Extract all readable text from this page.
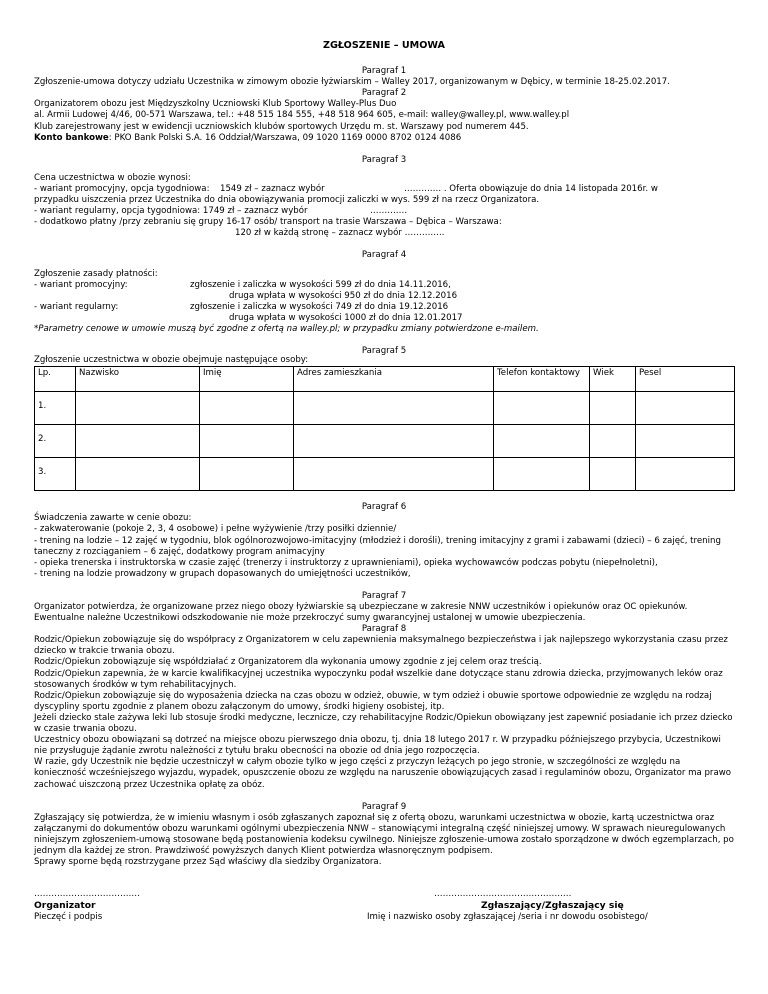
ZGŁOSZENIE – UMOWA
Paragraf 1
Zgłoszenie-umowa dotyczy udziału Uczestnika w zimowym obozie łyżwiarskim – Walley 2017, organizowanym w Dębicy, w terminie 18-25.02.2017.
Paragraf 2
Organizatorem obozu jest Międzyszkolny Uczniowski Klub Sportowy Walley-Plus Duo
al. Armii Ludowej 4/46, 00-571 Warszawa, tel.: +48 515 184 555, +48 518 964 605, e-mail: walley@walley.pl, www.walley.pl
Klub zarejestrowany jest w ewidencji uczniowskich klubów sportowych Urzędu m. st. Warszawy pod numerem 445.
Konto bankowe: PKO Bank Polski S.A. 16 Oddział/Warszawa, 09 1020 1169 0000 8702 0124 4086
Paragraf 3
Cena uczestnictwa w obozie wynosi:
- wariant promocyjny, opcja tygodniowa: 1549 zł – zaznacz wybór	…………. . Oferta obowiązuje do dnia 14 listopada 2016r. w
przypadku uiszczenia przez Uczestnika do dnia obowiązywania promocji zaliczki w wys. 599 zł na rzecz Organizatora.
- wariant regularny, opcja tygodniowa: 1749 zł – zaznacz wybór	………….
- dodatkowo płatny /przy zebraniu się grupy 16-17 osób/ transport na trasie Warszawa – Dębica – Warszawa:
120 zł w każdą stronę – zaznacz wybór …………..
Paragraf 4
Zgłoszenie zasady płatności:
- wariant promocyjny:	zgłoszenie i zaliczka w wysokości 599 zł do dnia 14.11.2016,
druga wpłata w wysokości 950 zł do dnia 12.12.2016
- wariant regularny:	zgłoszenie i zaliczka w wysokości 749 zł do dnia 19.12.2016
druga wpłata w wysokości 1000 zł do dnia 12.01.2017
*Parametry cenowe w umowie muszą być zgodne z ofertą na walley.pl; w przypadku zmiany potwierdzone e-mailem.
Paragraf 5
Zgłoszenie uczestnictwa w obozie obejmuje następujące osoby:
Lp.	Nazwisko	Imię	Adres zamieszkania	Telefon kontaktowy	Wiek	Pesel
1.						
2.						
3.						
Paragraf 6
Świadczenia zawarte w cenie obozu:
- zakwaterowanie (pokoje 2, 3, 4 osobowe) i pełne wyżywienie /trzy posiłki dziennie/
- trening na lodzie – 12 zajęć w tygodniu, blok ogólnorozwojowo-imitacyjny (młodzież i dorośli), trening imitacyjny z grami i zabawami (dzieci) – 6 zajęć, trening taneczny z rozciąganiem – 6 zajęć, dodatkowy program animacyjny
- opieka trenerska i instruktorska w czasie zajęć (trenerzy i instruktorzy z uprawnieniami), opieka wychowawców podczas pobytu (niepełnoletni),
- trening na lodzie prowadzony w grupach dopasowanych do umiejętności uczestników,
Paragraf 7
Organizator potwierdza, że organizowane przez niego obozy łyżwiarskie są ubezpieczane w zakresie NNW uczestników i opiekunów oraz OC opiekunów. Ewentualne należne Uczestnikowi odszkodowanie nie może przekroczyć sumy gwarancyjnej ustalonej w umowie ubezpieczenia.
Paragraf 8
Rodzic/Opiekun zobowiązuje się do współpracy z Organizatorem w celu zapewnienia maksymalnego bezpieczeństwa i jak najlepszego wykorzystania czasu przez dziecko w trakcie trwania obozu.
Rodzic/Opiekun zobowiązuje się współdziałać z Organizatorem dla wykonania umowy zgodnie z jej celem oraz treścią.
Rodzic/Opiekun zapewnia, że w karcie kwalifikacyjnej uczestnika wypoczynku podał wszelkie dane dotyczące stanu zdrowia dziecka, przyjmowanych leków oraz stosowanych środków w tym rehabilitacyjnych.
Rodzic/Opiekun zobowiązuje się do wyposażenia dziecka na czas obozu w odzież, obuwie, w tym odzież i obuwie sportowe odpowiednie ze względu na rodzaj dyscypliny sportu zgodnie z planem obozu załączonym do umowy, środki higieny osobistej, itp.
Jeżeli dziecko stale zażywa leki lub stosuje środki medyczne, lecznicze, czy rehabilitacyjne Rodzic/Opiekun obowiązany jest zapewnić posiadanie ich przez dziecko w czasie trwania obozu.
Uczestnicy obozu obowiązani są dotrzeć na miejsce obozu pierwszego dnia obozu, tj. dnia 18 lutego 2017 r. W przypadku późniejszego przybycia, Uczestnikowi nie przysługuje żądanie zwrotu należności z tytułu braku obecności na obozie od dnia jego rozpoczęcia.
W razie, gdy Uczestnik nie będzie uczestniczył w całym obozie tylko w jego części z przyczyn leżących po jego stronie, w szczególności ze względu na konieczność wcześniejszego wyjazdu, wypadek, opuszczenie obozu ze względu na naruszenie obowiązujących zasad i regulaminów obozu, Organizator ma prawo zachować uiszczoną przez Uczestnika opłatę za obóz.
Paragraf 9
Zgłaszający się potwierdza, że w imieniu własnym i osób zgłaszanych zapoznał się z ofertą obozu, warunkami uczestnictwa w obozie, kartą uczestnictwa oraz załączanymi do dokumentów obozu warunkami ogólnymi ubezpieczenia NNW – stanowiącymi integralną część niniejszej umowy. W sprawach nieuregulowanych niniejszym zgłoszeniem-umową stosowane będą postanowienia kodeksu cywilnego. Niniejsze zgłoszenie-umowa zostało sporządzone w dwóch egzemplarzach, po jednym dla każdej ze stron. Prawdziwość powyższych danych Klient potwierdza własnoręcznym podpisem.
Sprawy sporne będą rozstrzygane przez Sąd właściwy dla siedziby Organizatora.
……………………………….
Organizator
Pieczęć i podpis
…………………………………………
Zgłaszający/Zgłaszający się
Imię i nazwisko osoby zgłaszającej /seria i nr dowodu osobistego/
